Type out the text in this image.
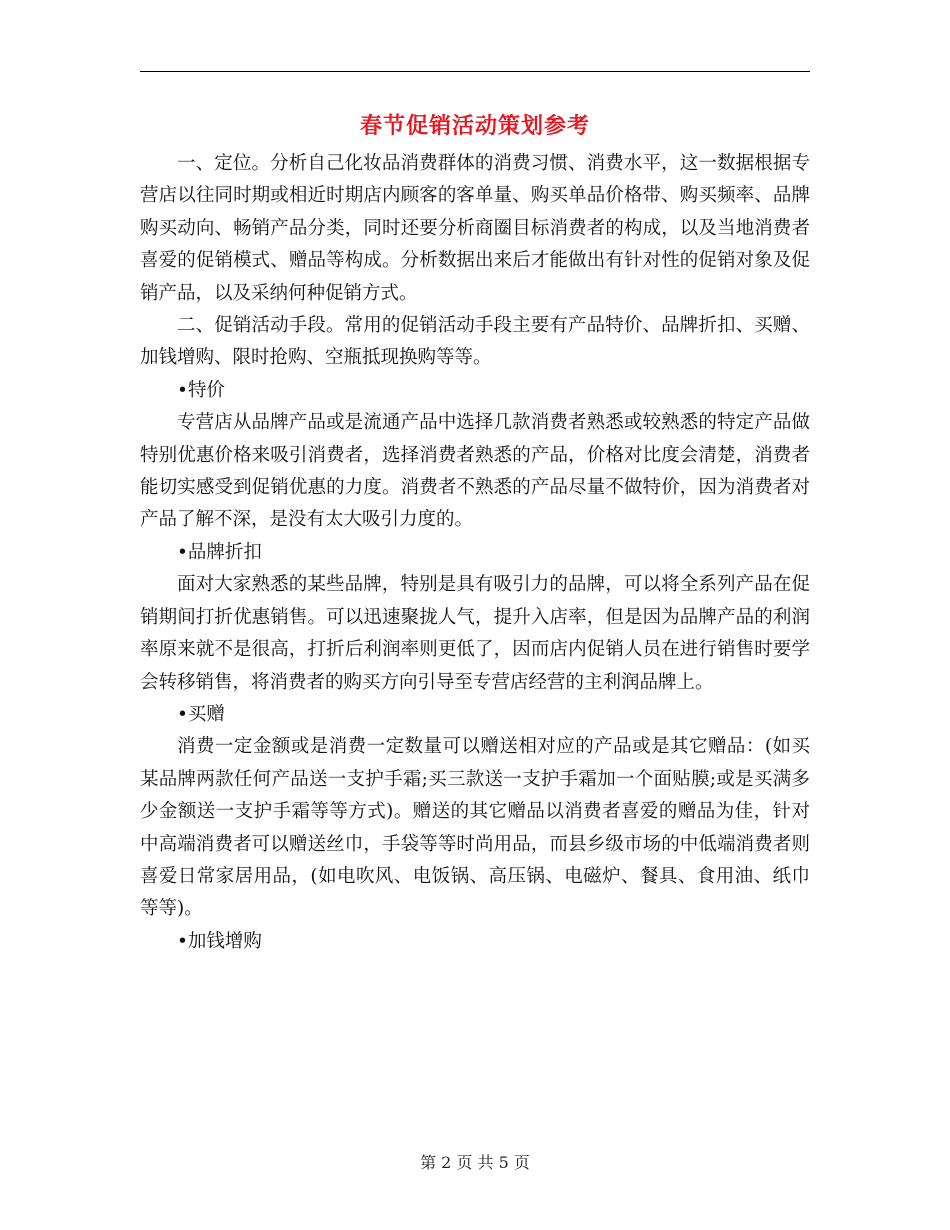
春节促销活动策划参考

一、定位。分析自己化妆品消费群体的消费习惯、消费水平，这一数据根据专营店以往同时期或相近时期店内顾客的客单量、购买单品价格带、购买频率、品牌购买动向、畅销产品分类，同时还要分析商圈目标消费者的构成，以及当地消费者喜爱的促销模式、赠品等构成。分析数据出来后才能做出有针对性的促销对象及促销产品，以及采纳何种促销方式。

二、促销活动手段。常用的促销活动手段主要有产品特价、品牌折扣、买赠、加钱增购、限时抢购、空瓶抵现换购等等。

•特价

专营店从品牌产品或是流通产品中选择几款消费者熟悉或较熟悉的特定产品做特别优惠价格来吸引消费者，选择消费者熟悉的产品，价格对比度会清楚，消费者能切实感受到促销优惠的力度。消费者不熟悉的产品尽量不做特价，因为消费者对产品了解不深，是没有太大吸引力度的。

•品牌折扣

面对大家熟悉的某些品牌，特别是具有吸引力的品牌，可以将全系列产品在促销期间打折优惠销售。可以迅速聚拢人气，提升入店率，但是因为品牌产品的利润率原来就不是很高，打折后利润率则更低了，因而店内促销人员在进行销售时要学会转移销售，将消费者的购买方向引导至专营店经营的主利润品牌上。

•买赠

消费一定金额或是消费一定数量可以赠送相对应的产品或是其它赠品：(如买某品牌两款任何产品送一支护手霜;买三款送一支护手霜加一个面贴膜;或是买满多少金额送一支护手霜等等方式)。赠送的其它赠品以消费者喜爱的赠品为佳，针对中高端消费者可以赠送丝巾，手袋等等时尚用品，而县乡级市场的中低端消费者则喜爱日常家居用品，(如电吹风、电饭锅、高压锅、电磁炉、餐具、食用油、纸巾等等)。

•加钱增购

第 2 页 共 5 页
